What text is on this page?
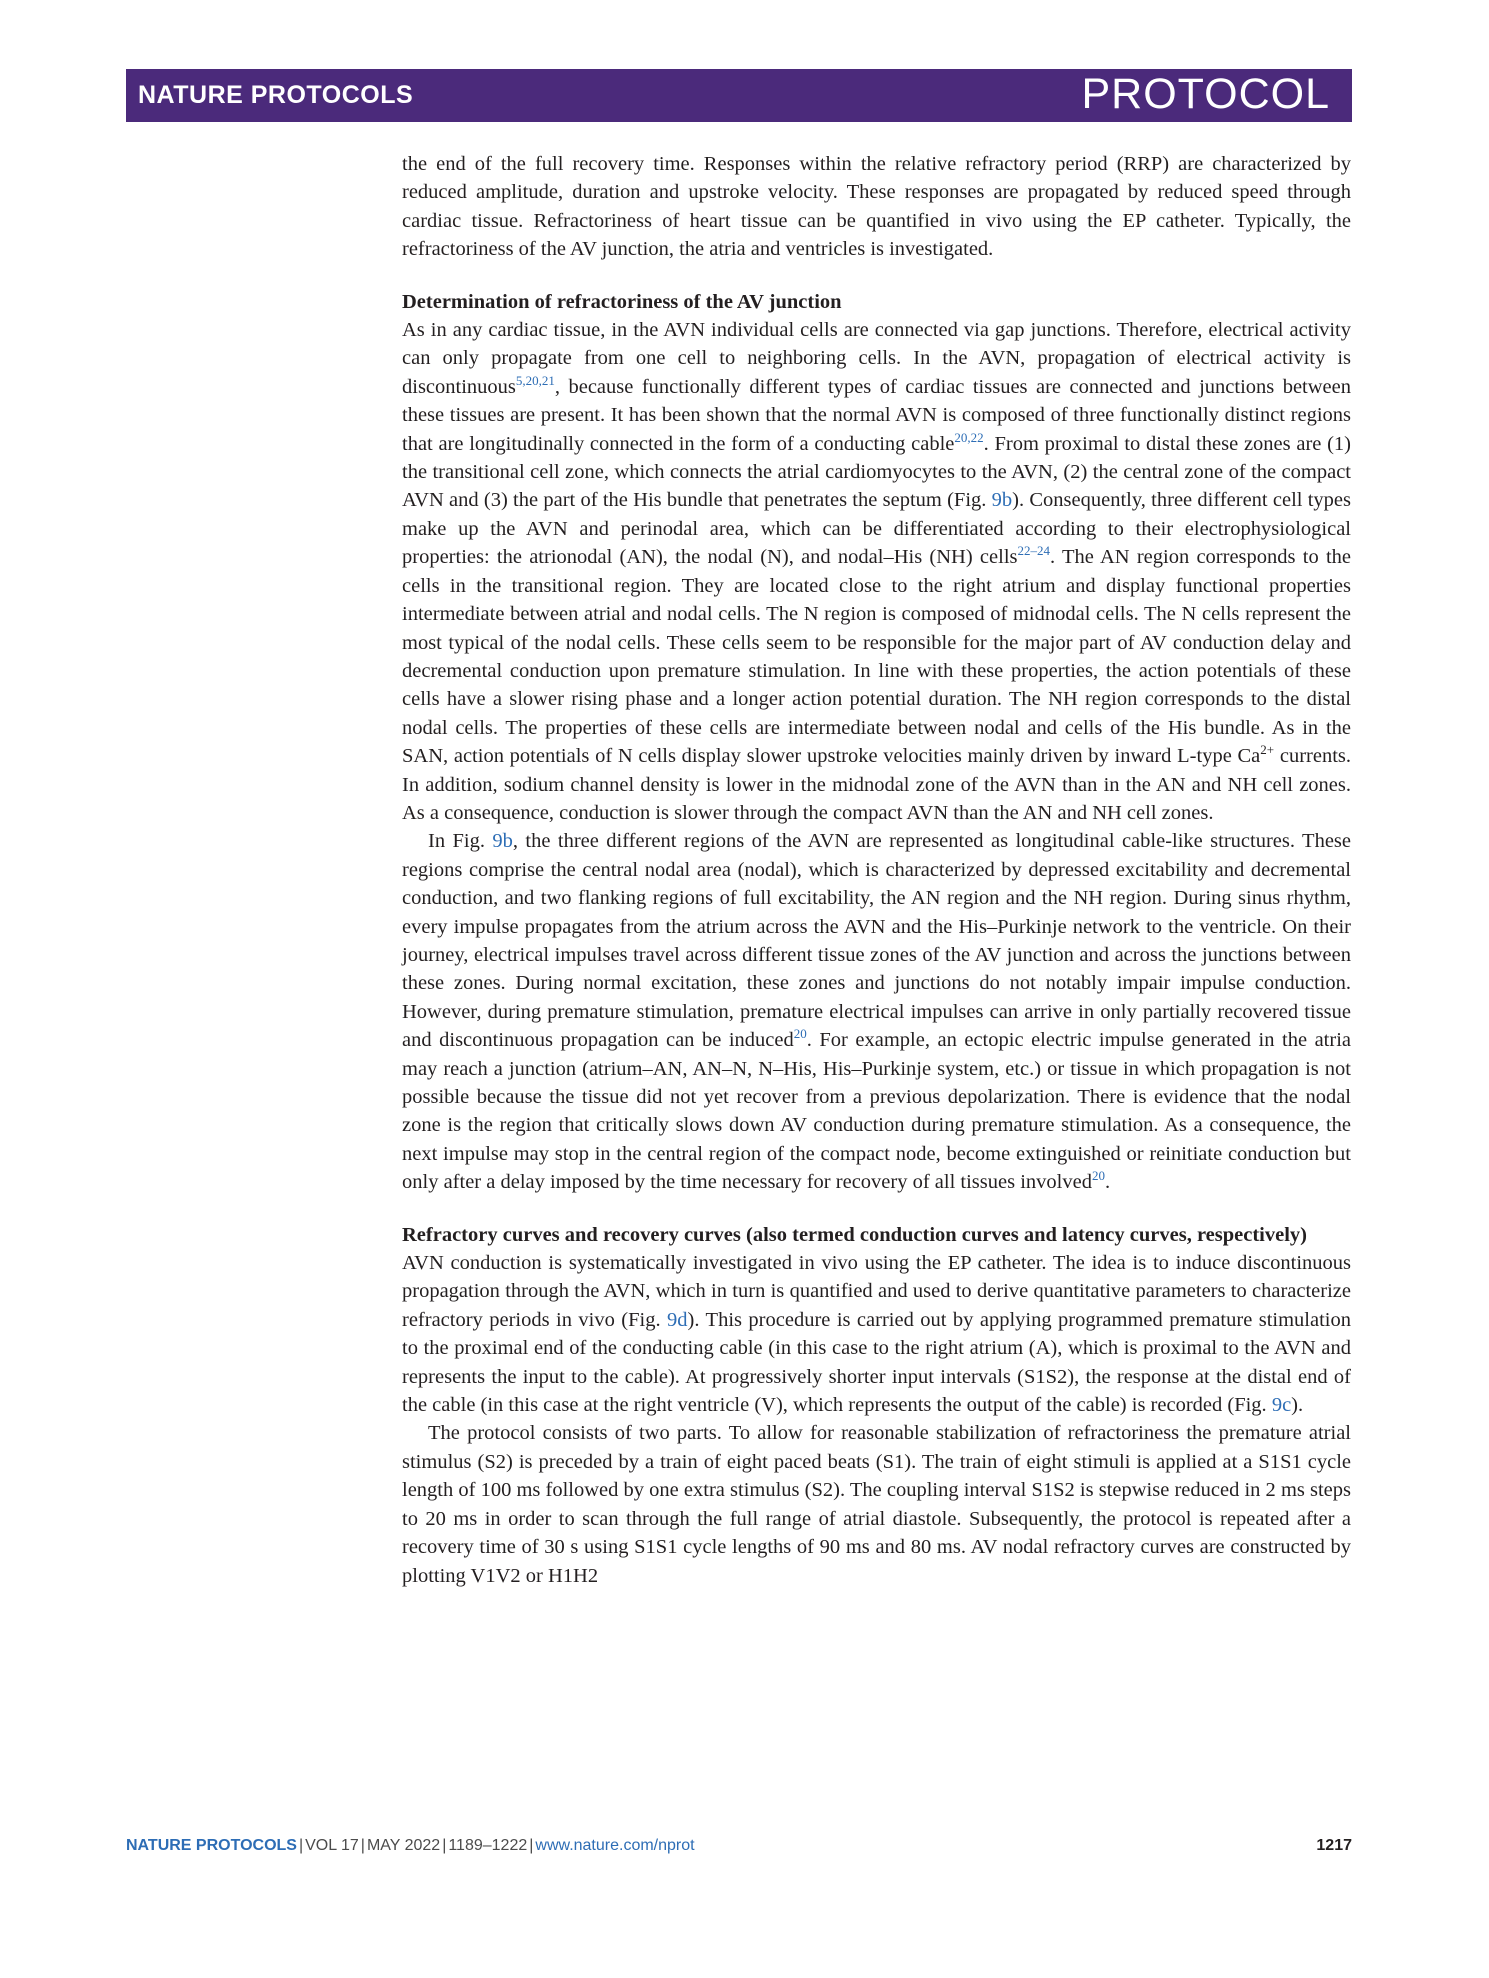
NATURE PROTOCOLS	PROTOCOL

the end of the full recovery time. Responses within the relative refractory period (RRP) are characterized by reduced amplitude, duration and upstroke velocity. These responses are propagated by reduced speed through cardiac tissue. Refractoriness of heart tissue can be quantified in vivo using the EP catheter. Typically, the refractoriness of the AV junction, the atria and ventricles is investigated.

Determination of refractoriness of the AV junction

As in any cardiac tissue, in the AVN individual cells are connected via gap junctions. Therefore, electrical activity can only propagate from one cell to neighboring cells. In the AVN, propagation of electrical activity is discontinuous$^{5,20,21}$, because functionally different types of cardiac tissues are connected and junctions between these tissues are present. It has been shown that the normal AVN is composed of three functionally distinct regions that are longitudinally connected in the form of a conducting cable$^{20,22}$. From proximal to distal these zones are (1) the transitional cell zone, which connects the atrial cardiomyocytes to the AVN, (2) the central zone of the compact AVN and (3) the part of the His bundle that penetrates the septum (Fig. 9b). Consequently, three different cell types make up the AVN and perinodal area, which can be differentiated according to their electrophysiological properties: the atrionodal (AN), the nodal (N), and nodal–His (NH) cells$^{22-24}$. The AN region corresponds to the cells in the transitional region. They are located close to the right atrium and display functional properties intermediate between atrial and nodal cells. The N region is composed of midnodal cells. The N cells represent the most typical of the nodal cells. These cells seem to be responsible for the major part of AV conduction delay and decremental conduction upon premature stimulation. In line with these properties, the action potentials of these cells have a slower rising phase and a longer action potential duration. The NH region corresponds to the distal nodal cells. The properties of these cells are intermediate between nodal and cells of the His bundle. As in the SAN, action potentials of N cells display slower upstroke velocities mainly driven by inward L-type $Ca^{2+}$ currents. In addition, sodium channel density is lower in the midnodal zone of the AVN than in the AN and NH cell zones. As a consequence, conduction is slower through the compact AVN than the AN and NH cell zones.

In Fig. 9b, the three different regions of the AVN are represented as longitudinal cable-like structures. These regions comprise the central nodal area (nodal), which is characterized by depressed excitability and decremental conduction, and two flanking regions of full excitability, the AN region and the NH region. During sinus rhythm, every impulse propagates from the atrium across the AVN and the His–Purkinje network to the ventricle. On their journey, electrical impulses travel across different tissue zones of the AV junction and across the junctions between these zones. During normal excitation, these zones and junctions do not notably impair impulse conduction. However, during premature stimulation, premature electrical impulses can arrive in only partially recovered tissue and discontinuous propagation can be induced$^{20}$. For example, an ectopic electric impulse generated in the atria may reach a junction (atrium–AN, AN–N, N–His, His–Purkinje system, etc.) or tissue in which propagation is not possible because the tissue did not yet recover from a previous depolarization. There is evidence that the nodal zone is the region that critically slows down AV conduction during premature stimulation. As a consequence, the next impulse may stop in the central region of the compact node, become extinguished or reinitiate conduction but only after a delay imposed by the time necessary for recovery of all tissues involved$^{20}$.

Refractory curves and recovery curves (also termed conduction curves and latency curves, respectively)

AVN conduction is systematically investigated in vivo using the EP catheter. The idea is to induce discontinuous propagation through the AVN, which in turn is quantified and used to derive quantitative parameters to characterize refractory periods in vivo (Fig. 9d). This procedure is carried out by applying programmed premature stimulation to the proximal end of the conducting cable (in this case to the right atrium (A), which is proximal to the AVN and represents the input to the cable). At progressively shorter input intervals (S1S2), the response at the distal end of the cable (in this case at the right ventricle (V), which represents the output of the cable) is recorded (Fig. 9c).

The protocol consists of two parts. To allow for reasonable stabilization of refractoriness the premature atrial stimulus (S2) is preceded by a train of eight paced beats (S1). The train of eight stimuli is applied at a S1S1 cycle length of 100 ms followed by one extra stimulus (S2). The coupling interval S1S2 is stepwise reduced in 2 ms steps to 20 ms in order to scan through the full range of atrial diastole. Subsequently, the protocol is repeated after a recovery time of 30 s using S1S1 cycle lengths of 90 ms and 80 ms. AV nodal refractory curves are constructed by plotting V1V2 or H1H2

NATURE PROTOCOLS | VOL 17 | MAY 2022 | 1189–1222 | www.nature.com/nprot	1217
